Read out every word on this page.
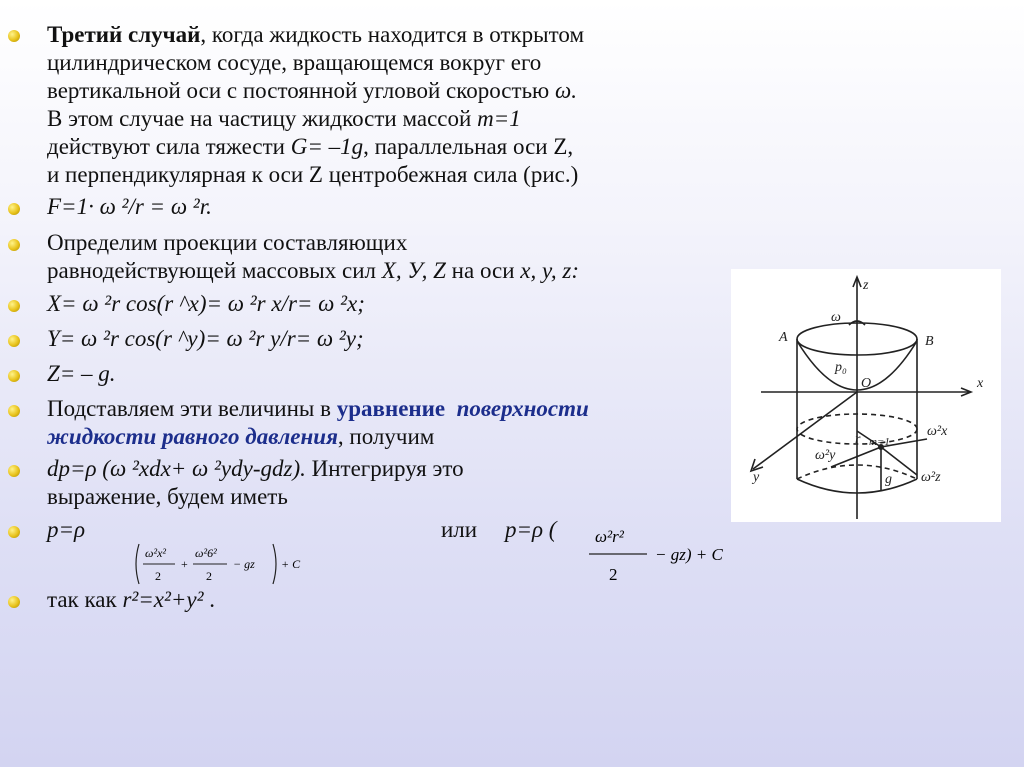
Третий случай, когда жидкость находится в открытом
цилиндрическом сосуде, вращающемся вокруг его
вертикальной оси с постоянной угловой скоростью ω.
В этом случае на частицу жидкости массой m=1
действуют сила тяжести G= –1g, параллельная оси Z,
и перпендикулярная к оси Z центробежная сила (рис.)
F=1· ω ²/r = ω ²r.
Определим проекции составляющих
равнодействующей массовых сил X, У, Z на оси x, y, z:
X= ω ²r cos(r ^x)= ω ²r x/r= ω ²x;
Y= ω ²r cos(r ^y)= ω ²r y/r= ω ²y;
Z= – g.
Подставляем эти величины в уравнение поверхности
жидкости равного давления, получим
dp=ρ (ω ²xdx+ ω ²ydy-gdz). Интегрируя это
выражение, будем иметь
p=ρ	или p=ρ (
ω²x²
2
+
ω²6²
2
− gz + C
ω²r²
2
− gz) + C
так как r²=x²+y² .
z
x
y
A	B
ω
p₀
O
r m=1
ω²x
ω²y
ω²z
g
